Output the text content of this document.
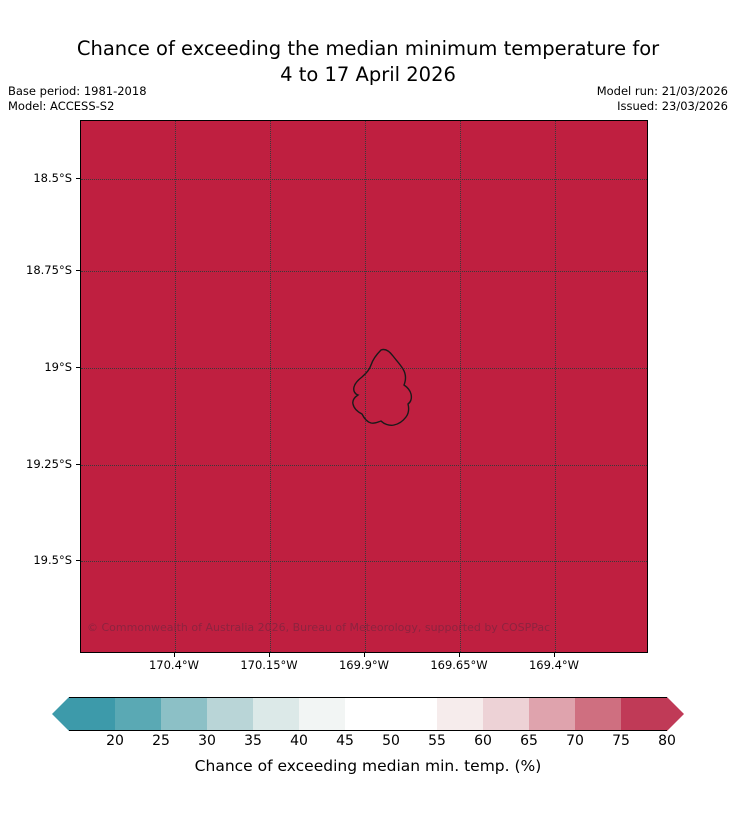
Chance of exceeding the median minimum temperature for
4 to 17 April 2026
Base period: 1981-2018
Model: ACCESS-S2
Model run: 21/03/2026
Issued: 23/03/2026
© Commonwealth of Australia 2026, Bureau of Meteorology, supported by COSPPac
18.5°S
18.75°S
19°S
19.25°S
19.5°S
170.4°W	170.15°W	169.9°W	169.65°W	169.4°W
20	25	30	35	40	45	50	55	60	65	70	75	80
Chance of exceeding median min. temp. (%)
